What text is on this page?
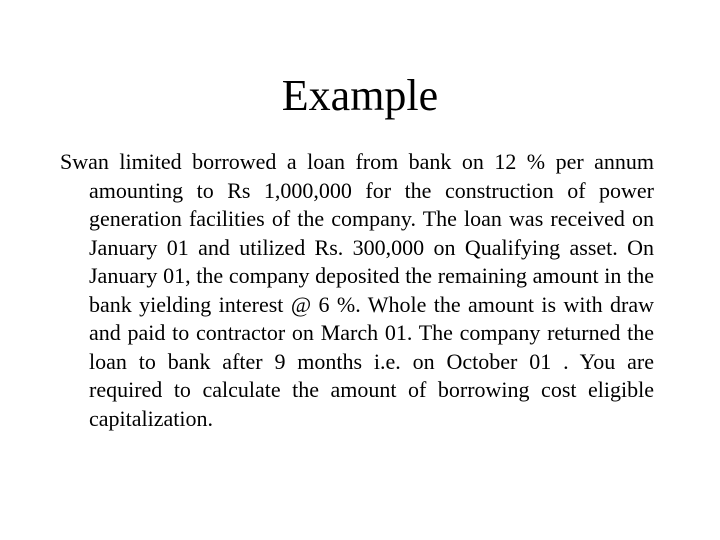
Example

Swan limited borrowed a loan from bank on 12 % per annum amounting to Rs 1,000,000 for the construction of power generation facilities of the company. The loan was received on January 01 and utilized Rs. 300,000 on Qualifying asset. On January 01, the company deposited the remaining amount in the bank yielding interest @ 6 %. Whole the amount is with draw and paid to contractor on March 01. The company returned the loan to bank after 9 months i.e. on October 01 . You are required to calculate the amount of borrowing cost eligible capitalization.
